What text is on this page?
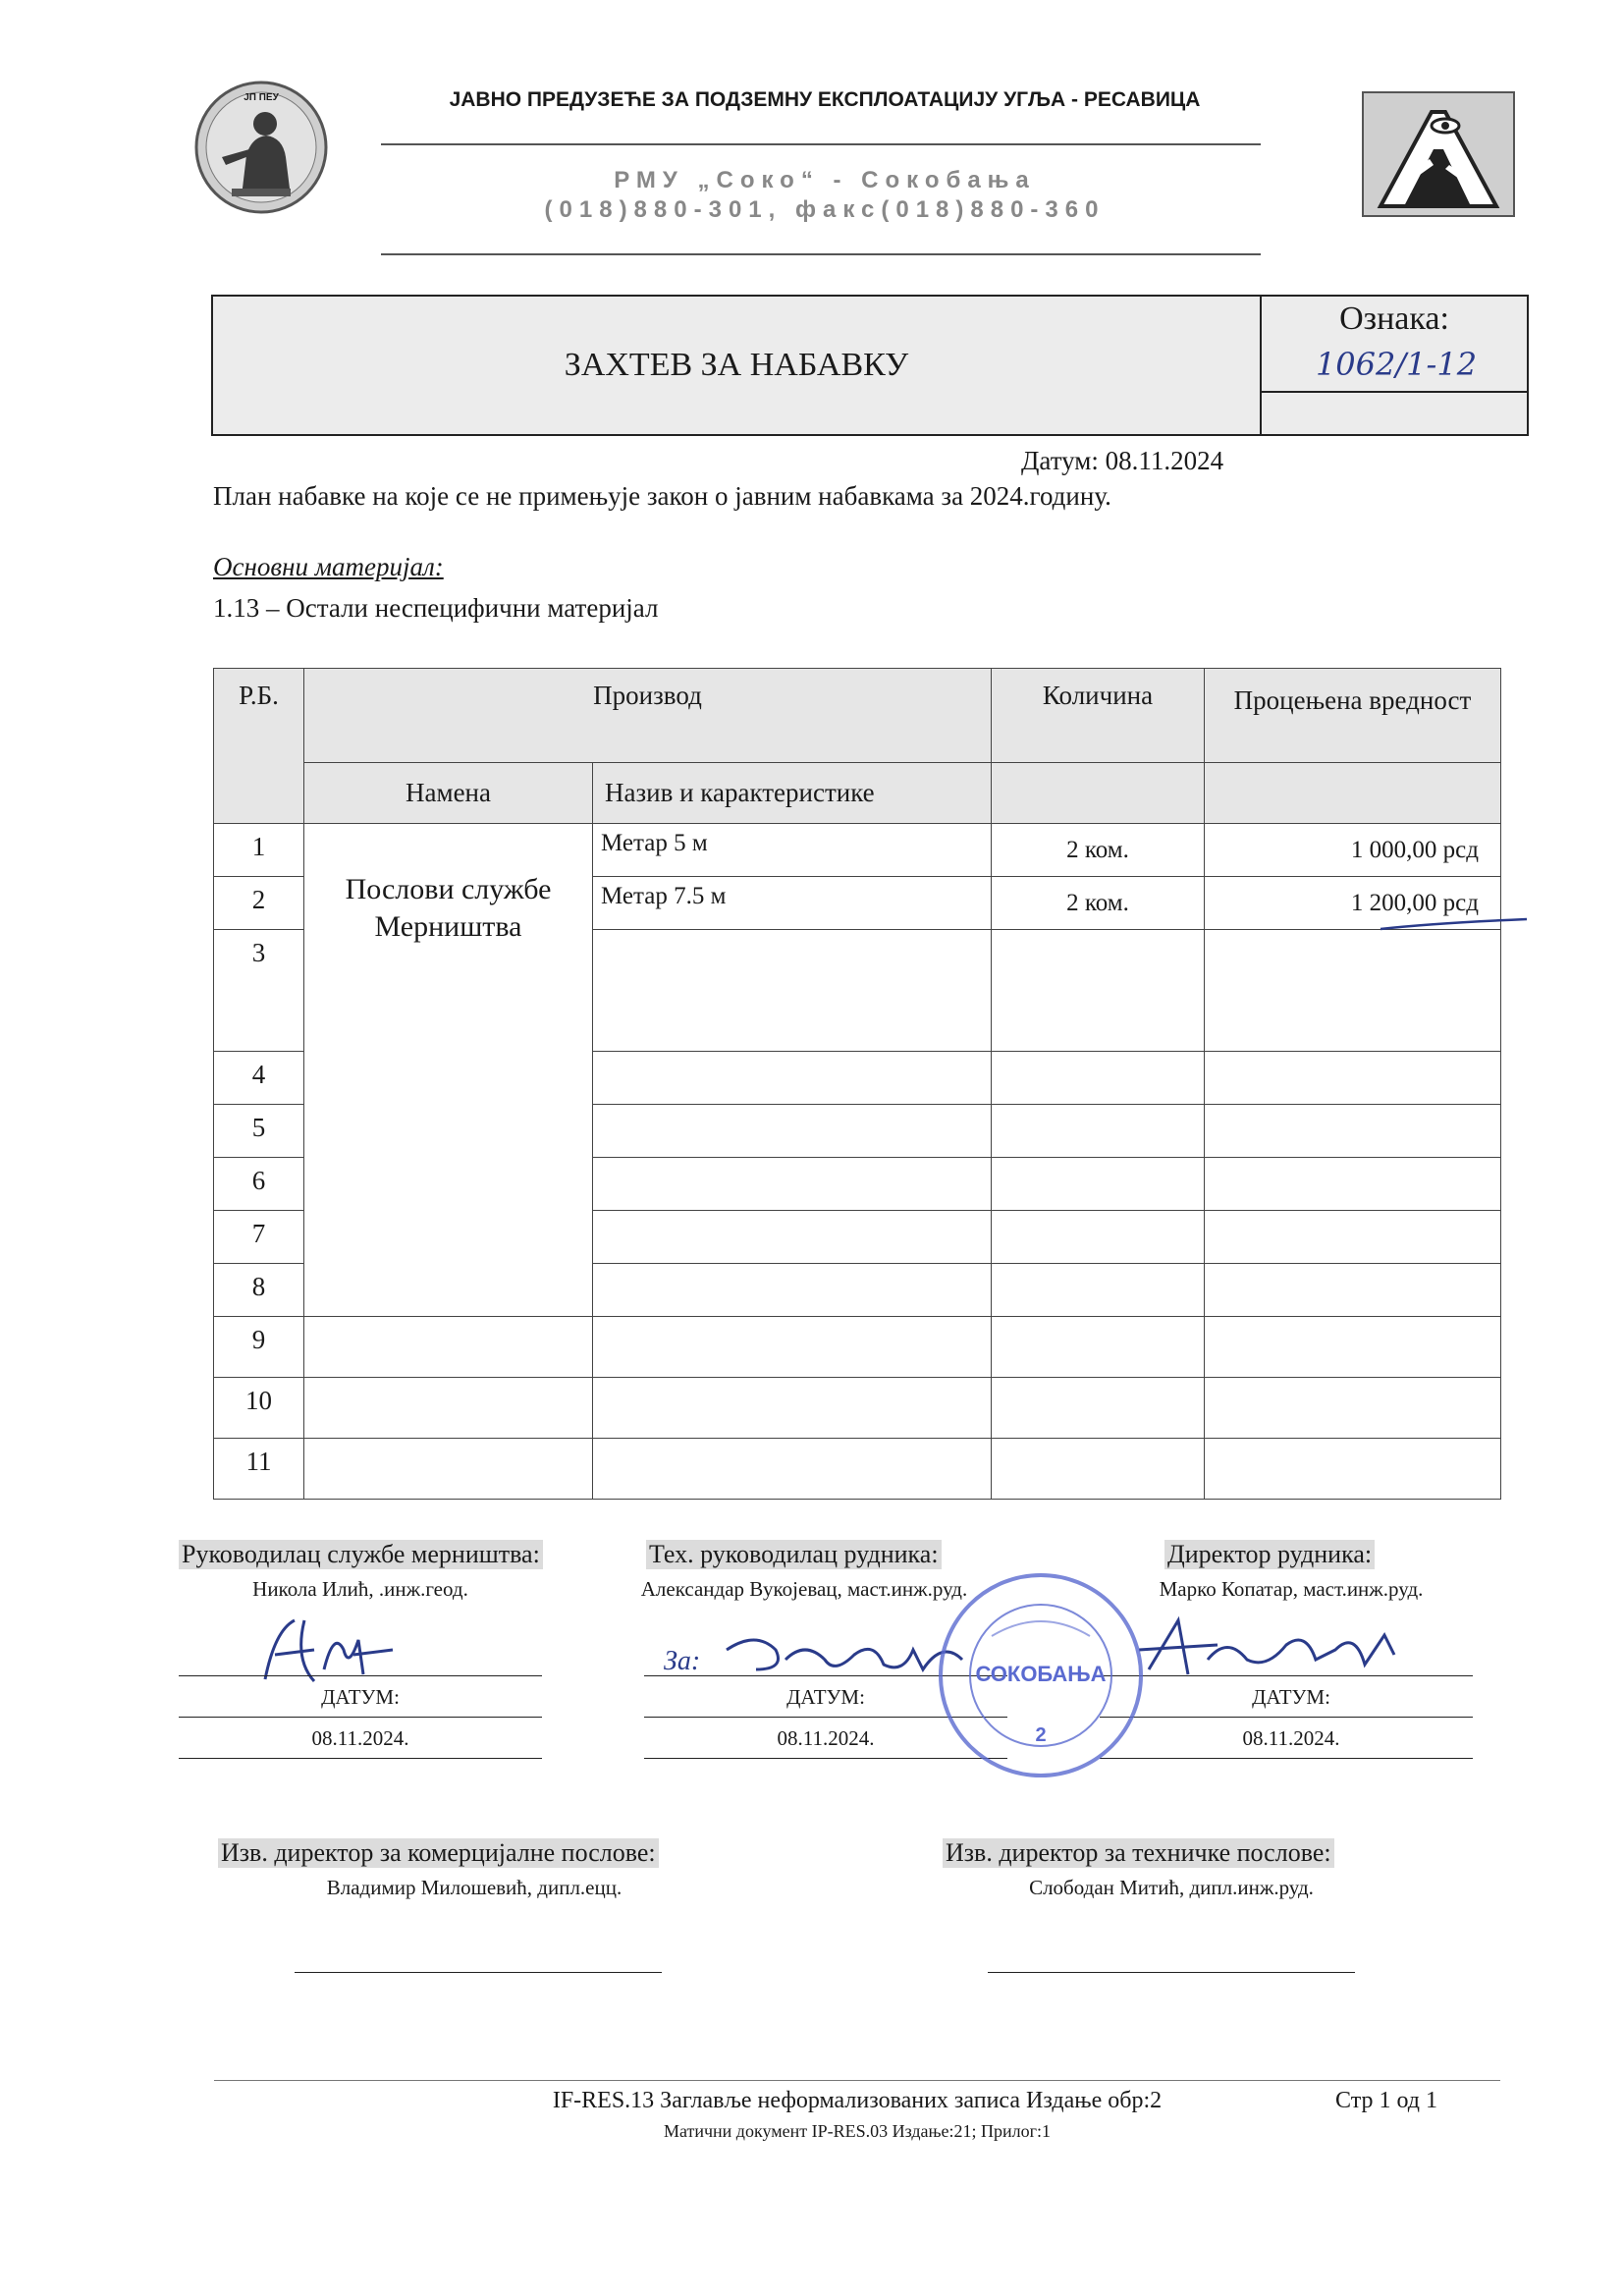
ЈП ПЕУ	ЈАВНО ПРЕДУЗЕЋЕ ЗА ПОДЗЕМНУ ЕКСПЛОАТАЦИЈУ УГЉА - РЕСАВИЦА
РМУ „Соко“ - Сокобања
(018)880-301, факс(018)880-360
ЗАХТЕВ ЗА НАБАВКУ
Ознака:
1062/1-12
Датум: 08.11.2024
План набавке на које се не примењује закон о јавним набавкама за 2024.годину.
Основни материјал:
1.13 – Остали неспецифични материјал
Р.Б.	Производ		Количина	Процењена вредност
	Намена	Назив и карактеристике		
1	Послови службе Мерништва	Метар 5 м	2 ком.	1 000,00 рсд
2		Метар 7.5 м	2 ком.	1 200,00 рсд
3				
4				
5				
6				
7				
8				
9				
10				
11				
Руководилац службе мерништва:
Никола Илић, .инж.геод.
ДАТУМ:
08.11.2024.
Тех. руководилац рудника:
Александар Вукојевац, маст.инж.руд.
За:
ДАТУМ:
08.11.2024.
Директор рудника:
Марко Копатар, маст.инж.руд.
ДАТУМ:
08.11.2024.
СОКОБАЊА
2
Изв. директор за комерцијалне послове:
Владимир Милошевић, дипл.ецц.
Изв. директор за техничке послове:
Слободан Митић, дипл.инж.руд.
IF-RES.13 Заглавље неформализованих записа Издање обр:2	Стр 1 од 1
Матични документ IP-RES.03 Издање:21; Прилог:1
